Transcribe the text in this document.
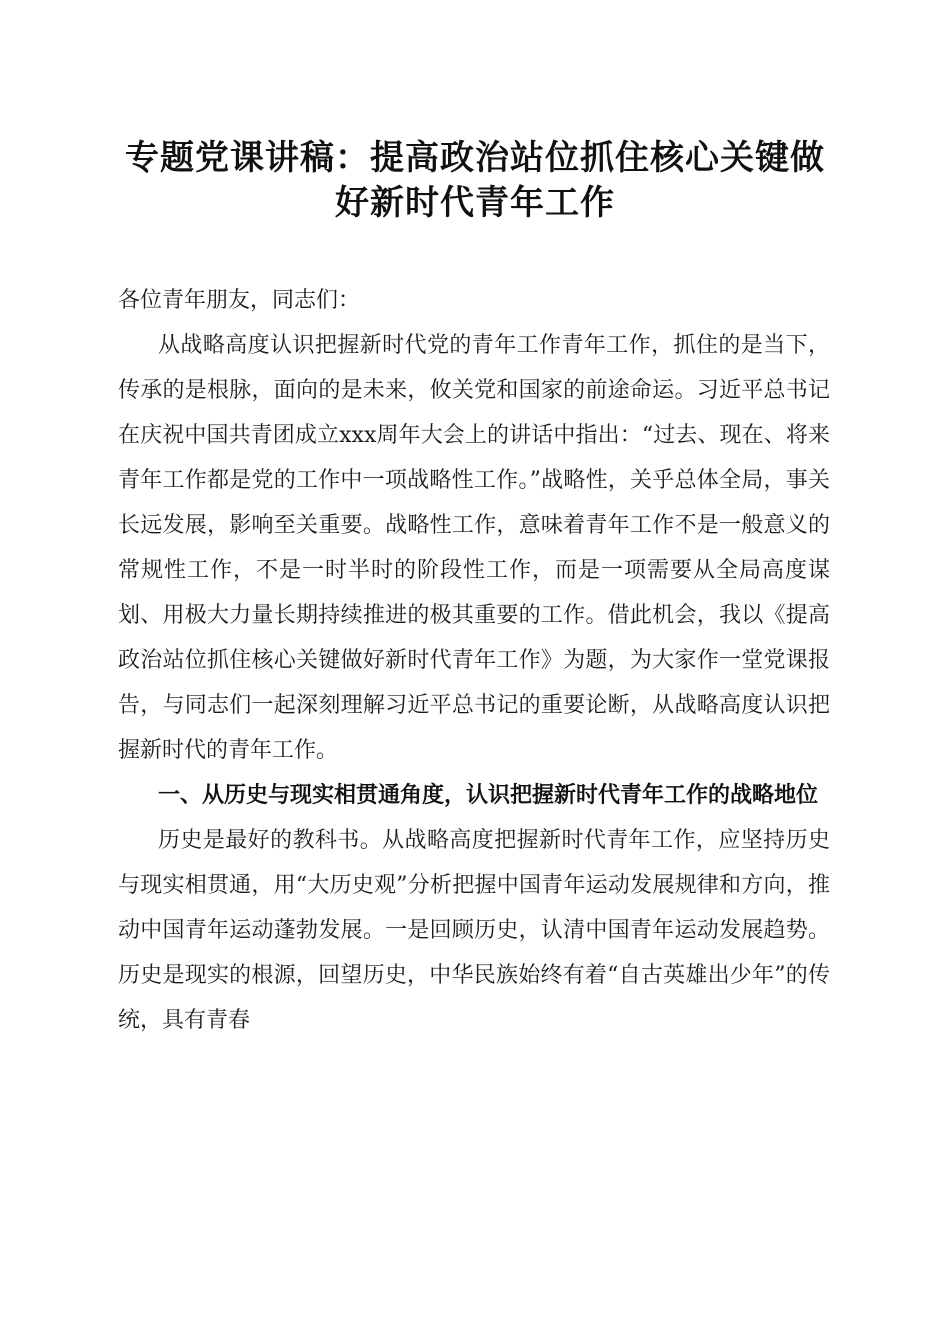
专题党课讲稿：提高政治站位抓住核心关键做
好新时代青年工作

各位青年朋友，同志们：

从战略高度认识把握新时代党的青年工作青年工作，抓住的是当下，传承的是根脉，面向的是未来，攸关党和国家的前途命运。习近平总书记在庆祝中国共青团成立xxx周年大会上的讲话中指出：“过去、现在、将来青年工作都是党的工作中一项战略性工作。”战略性，关乎总体全局，事关长远发展，影响至关重要。战略性工作，意味着青年工作不是一般意义的常规性工作，不是一时半时的阶段性工作，而是一项需要从全局高度谋划、用极大力量长期持续推进的极其重要的工作。借此机会，我以《提高政治站位抓住核心关键做好新时代青年工作》为题，为大家作一堂党课报告，与同志们一起深刻理解习近平总书记的重要论断，从战略高度认识把握新时代的青年工作。

一、从历史与现实相贯通角度，认识把握新时代青年工作的战略地位

历史是最好的教科书。从战略高度把握新时代青年工作，应坚持历史与现实相贯通，用“大历史观”分析把握中国青年运动发展规律和方向，推动中国青年运动蓬勃发展。一是回顾历史，认清中国青年运动发展趋势。历史是现实的根源，回望历史，中华民族始终有着“自古英雄出少年”的传统，具有青春
